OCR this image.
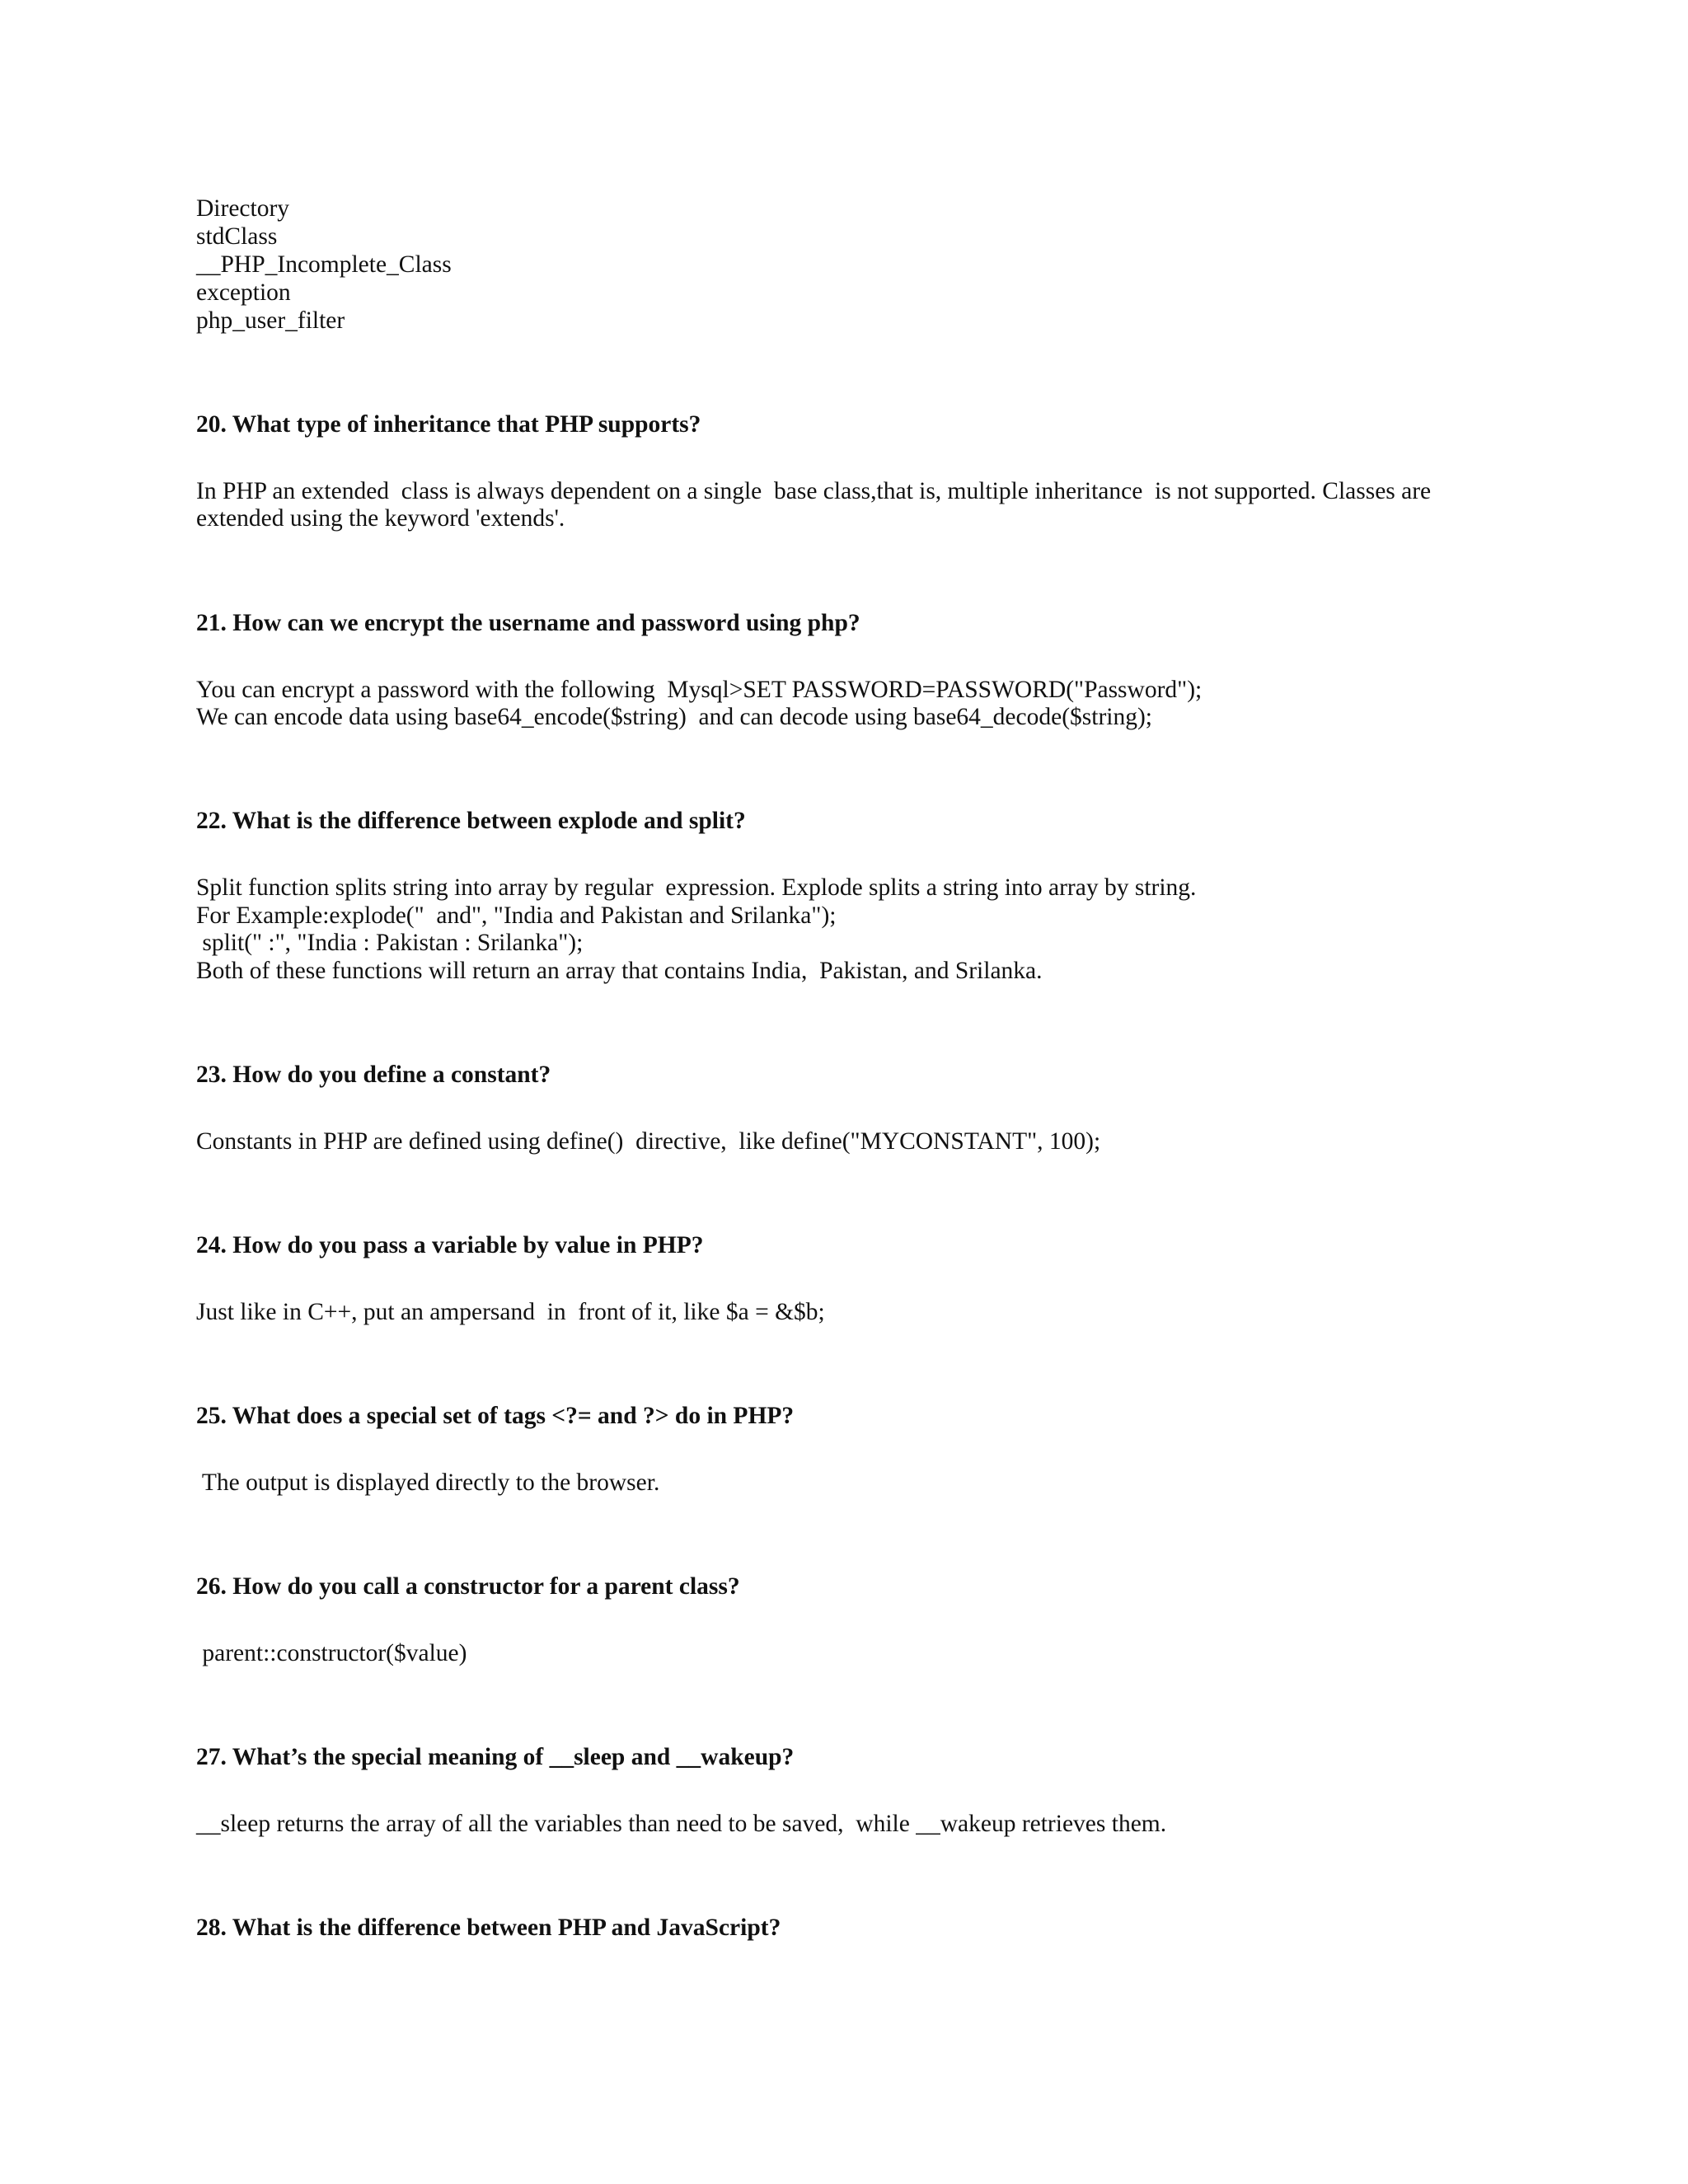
Directory
stdClass
__PHP_Incomplete_Class
exception
php_user_filter
20. What type of inheritance that PHP supports?
In PHP an extended  class is always dependent on a single  base class,that is, multiple inheritance  is not supported. Classes are
extended using the keyword 'extends'.
21. How can we encrypt the username and password using php?
You can encrypt a password with the following  Mysql>SET PASSWORD=PASSWORD("Password");
We can encode data using base64_encode($string)  and can decode using base64_decode($string);
22. What is the difference between explode and split?
Split function splits string into array by regular  expression. Explode splits a string into array by string.
For Example:explode("  and", "India and Pakistan and Srilanka");
split(" :", "India : Pakistan : Srilanka");
Both of these functions will return an array that contains India,  Pakistan, and Srilanka.
23. How do you define a constant?
Constants in PHP are defined using define()  directive,  like define("MYCONSTANT", 100);
24. How do you pass a variable by value in PHP?
Just like in C++, put an ampersand  in  front of it, like $a = &$b;
25. What does a special set of tags <?= and ?> do in PHP?
The output is displayed directly to the browser.
26. How do you call a constructor for a parent class?
parent::constructor($value)
27. What’s the special meaning of __sleep and __wakeup?
__sleep returns the array of all the variables than need to be saved,  while __wakeup retrieves them.
28. What is the difference between PHP and JavaScript?
